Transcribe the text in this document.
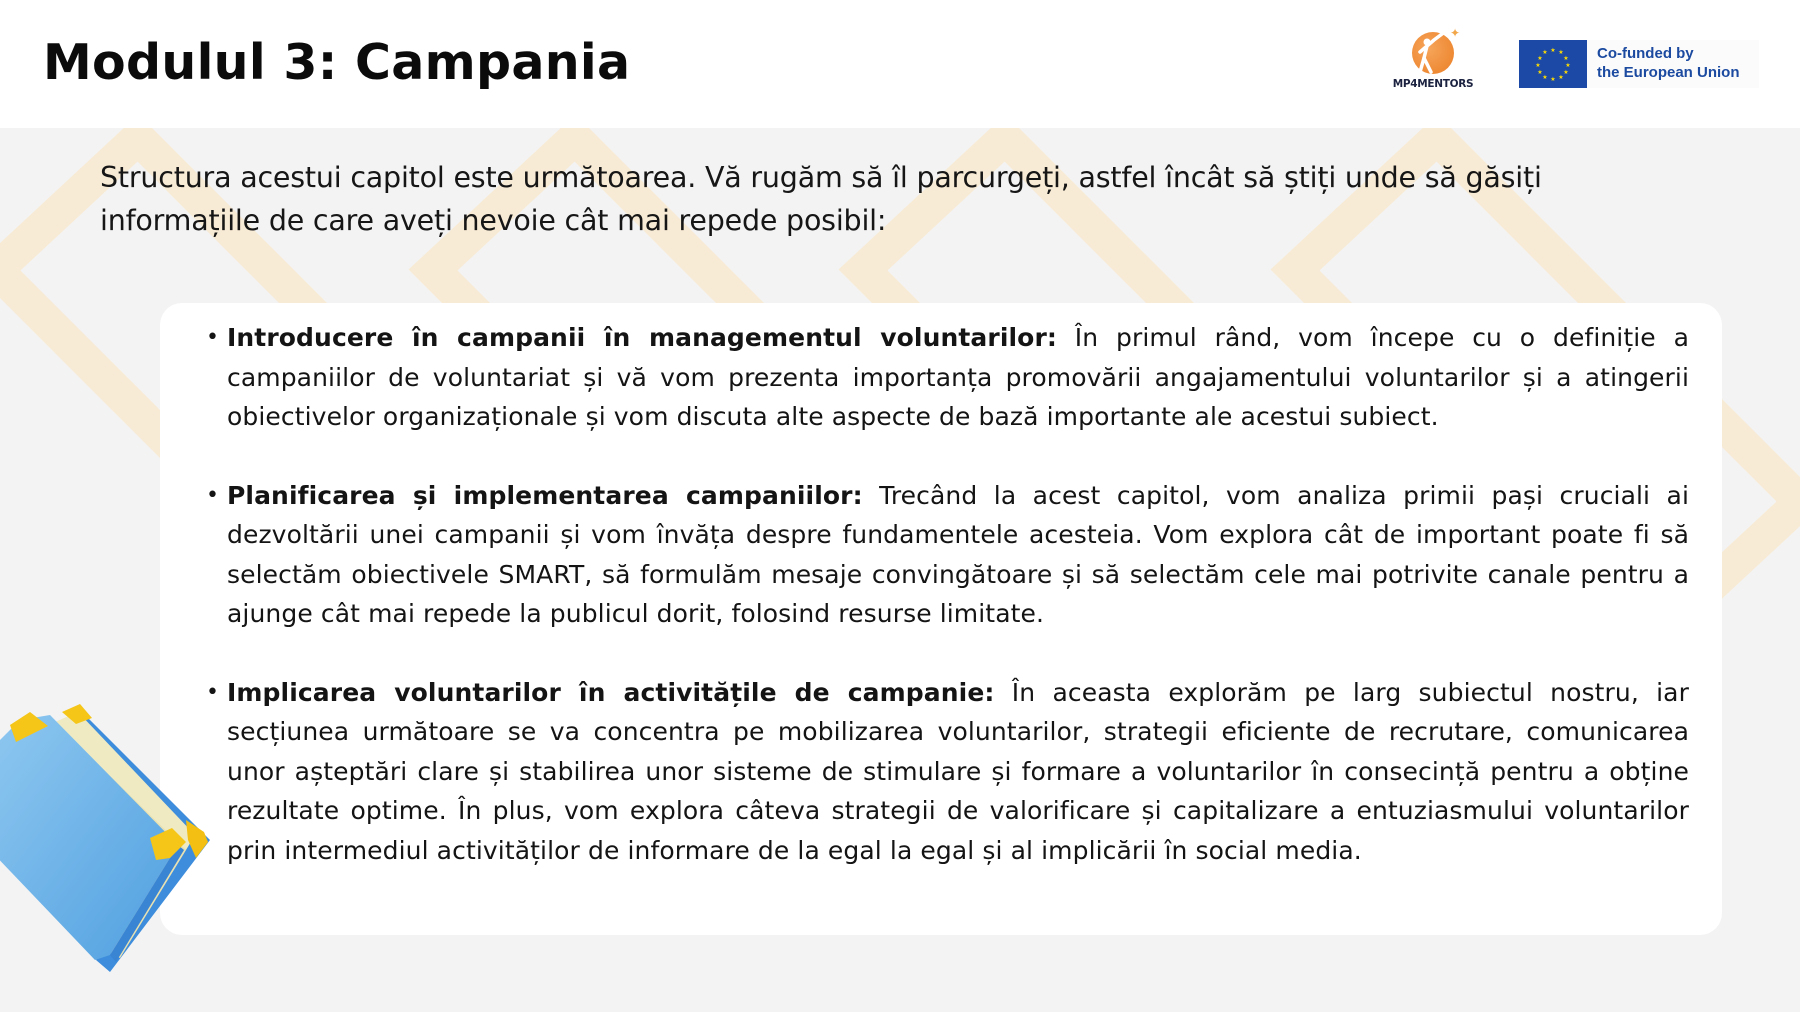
Modulul 3: Campania
✦
MP4MENTORS
★ ★
★
★
★
★
★
★
★
★
★
★	Co-funded by
the European Union

Structura acestui capitol este următoarea. Vă rugăm să îl parcurgeți, astfel încât să știți unde să găsiți informațiile de care aveți nevoie cât mai repede posibil:

• Introducere în campanii în managementul voluntarilor: În primul rând, vom începe cu o definiție a campaniilor de voluntariat și vă vom prezenta importanța promovării angajamentului voluntarilor și a atingerii obiectivelor organizaționale și vom discuta alte aspecte de bază importante ale acestui subiect.
• Planificarea și implementarea campaniilor: Trecând la acest capitol, vom analiza primii pași cruciali ai dezvoltării unei campanii și vom învăța despre fundamentele acesteia. Vom explora cât de important poate fi să selectăm obiectivele SMART, să formulăm mesaje convingătoare și să selectăm cele mai potrivite canale pentru a ajunge cât mai repede la publicul dorit, folosind resurse limitate.
• Implicarea voluntarilor în activitățile de campanie: În aceasta explorăm pe larg subiectul nostru, iar secțiunea următoare se va concentra pe mobilizarea voluntarilor, strategii eficiente de recrutare, comunicarea unor așteptări clare și stabilirea unor sisteme de stimulare și formare a voluntarilor în consecință pentru a obține rezultate optime. În plus, vom explora câteva strategii de valorificare și capitalizare a entuziasmului voluntarilor prin intermediul activităților de informare de la egal la egal și al implicării în social media.
